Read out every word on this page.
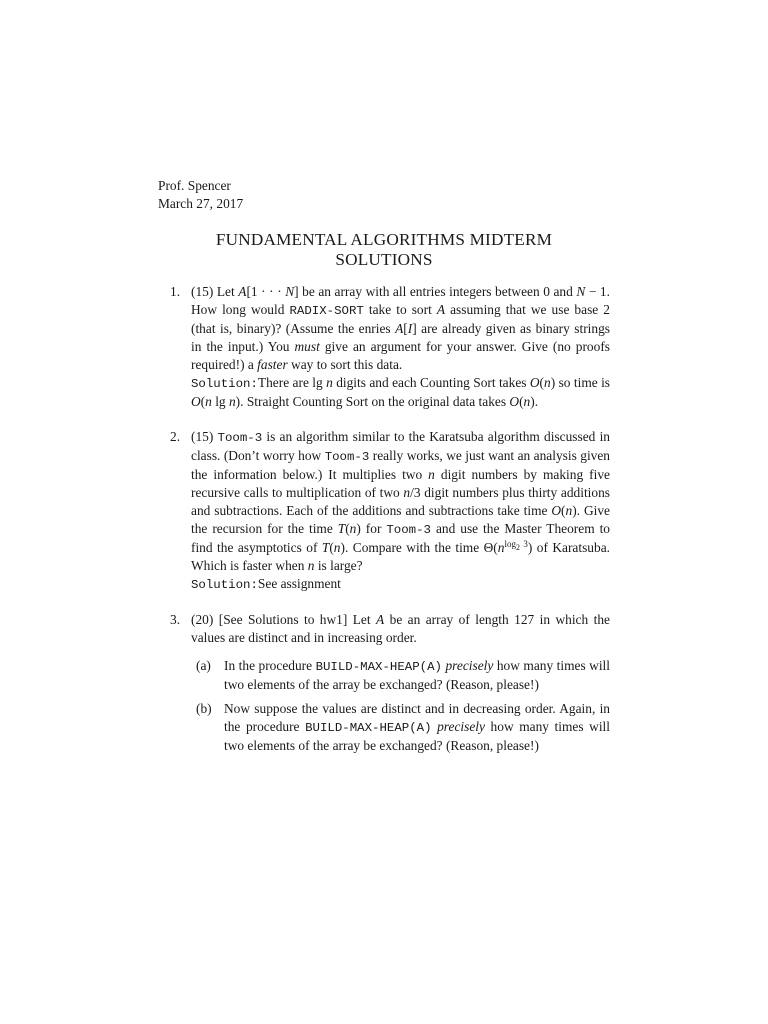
Prof. Spencer
March 27, 2017
FUNDAMENTAL ALGORITHMS MIDTERM
SOLUTIONS
1. (15) Let A[1 · · · N] be an array with all entries integers between 0 and N − 1. How long would RADIX-SORT take to sort A assuming that we use base 2 (that is, binary)? (Assume the enries A[I] are already given as binary strings in the input.) You must give an argument for your answer. Give (no proofs required!) a faster way to sort this data.
Solution:There are lg n digits and each Counting Sort takes O(n) so time is O(n lg n). Straight Counting Sort on the original data takes O(n).
2. (15) Toom-3 is an algorithm similar to the Karatsuba algorithm discussed in class. (Don’t worry how Toom-3 really works, we just want an analysis given the information below.) It multiplies two n digit numbers by making five recursive calls to multiplication of two n/3 digit numbers plus thirty additions and subtractions. Each of the additions and subtractions take time O(n). Give the recursion for the time T(n) for Toom-3 and use the Master Theorem to find the asymptotics of T(n). Compare with the time $\Theta(n^{log_2 3})$ of Karatsuba. Which is faster when n is large?
Solution:See assignment
3. (20) [See Solutions to hw1] Let A be an array of length 127 in which the values are distinct and in increasing order.
(a) In the procedure BUILD-MAX-HEAP(A) precisely how many times will two elements of the array be exchanged? (Reason, please!)
(b) Now suppose the values are distinct and in decreasing order. Again, in the procedure BUILD-MAX-HEAP(A) precisely how many times will two elements of the array be exchanged? (Reason, please!)
